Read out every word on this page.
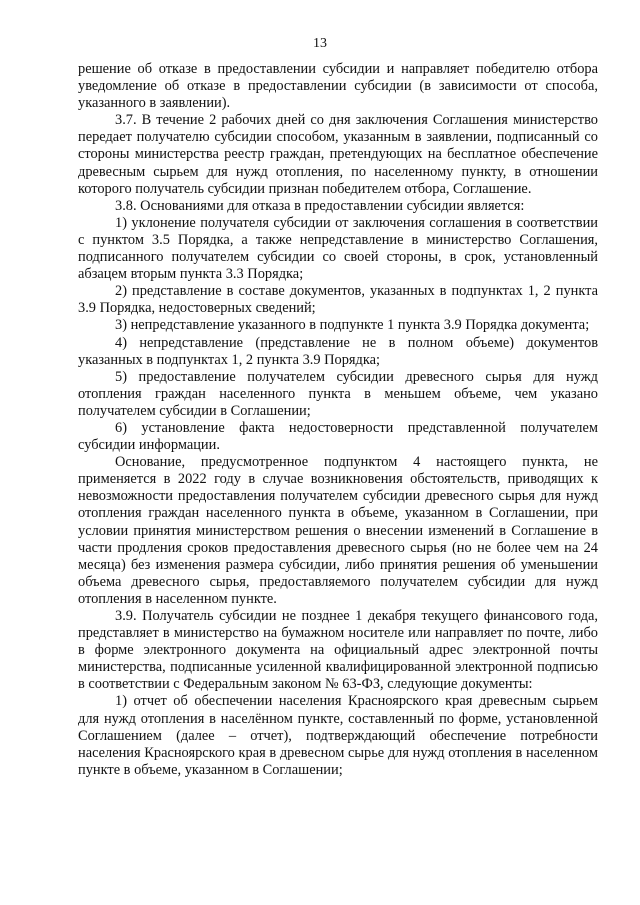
13

решение об отказе в предоставлении субсидии и направляет победителю отбора уведомление об отказе в предоставлении субсидии (в зависимости от способа, указанного в заявлении).

3.7. В течение 2 рабочих дней со дня заключения Соглашения министерство передает получателю субсидии способом, указанным в заявлении, подписанный со стороны министерства реестр граждан, претендующих на бесплатное обеспечение древесным сырьем для нужд отопления, по населенному пункту, в отношении которого получатель субсидии признан победителем отбора, Соглашение.

3.8. Основаниями для отказа в предоставлении субсидии является:

1) уклонение получателя субсидии от заключения соглашения в соответствии с пунктом 3.5 Порядка, а также непредставление в министерство Соглашения, подписанного получателем субсидии со своей стороны, в срок, установленный абзацем вторым пункта 3.3 Порядка;

2) представление в составе документов, указанных в подпунктах 1, 2 пункта 3.9 Порядка, недостоверных сведений;

3) непредставление указанного в подпункте 1 пункта 3.9 Порядка документа;

4) непредставление (представление не в полном объеме) документов указанных в подпунктах 1, 2 пункта 3.9 Порядка;

5) предоставление получателем субсидии древесного сырья для нужд отопления граждан населенного пункта в меньшем объеме, чем указано получателем субсидии в Соглашении;

6) установление факта недостоверности представленной получателем субсидии информации.

Основание, предусмотренное подпунктом 4 настоящего пункта, не применяется в 2022 году в случае возникновения обстоятельств, приводящих к невозможности предоставления получателем субсидии древесного сырья для нужд отопления граждан населенного пункта в объеме, указанном в Соглашении, при условии принятия министерством решения о внесении изменений в Соглашение в части продления сроков предоставления древесного сырья (но не более чем на 24 месяца) без изменения размера субсидии, либо принятия решения об уменьшении объема древесного сырья, предоставляемого получателем субсидии для нужд отопления в населенном пункте.

3.9. Получатель субсидии не позднее 1 декабря текущего финансового года, представляет в министерство на бумажном носителе или направляет по почте, либо в форме электронного документа на официальный адрес электронной почты министерства, подписанные усиленной квалифицированной электронной подписью в соответствии с Федеральным законом № 63-ФЗ, следующие документы:

1) отчет об обеспечении населения Красноярского края древесным сырьем для нужд отопления в населённом пункте, составленный по форме, установленной Соглашением (далее – отчет), подтверждающий обеспечение потребности населения Красноярского края в древесном сырье для нужд отопления в населенном пункте в объеме, указанном в Соглашении;
